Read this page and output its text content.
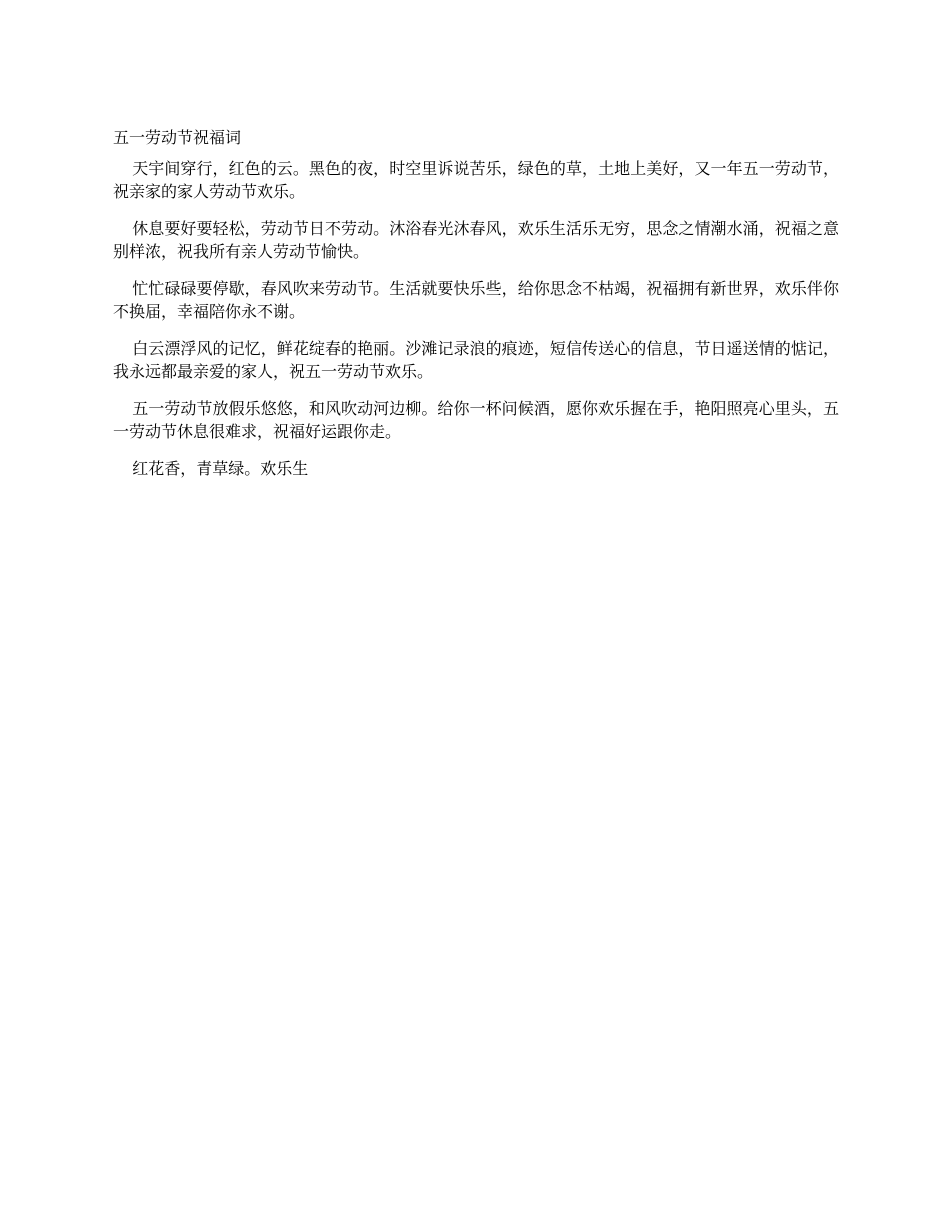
五一劳动节祝福词

天宇间穿行，红色的云。黑色的夜，时空里诉说苦乐，绿色的草，土地上美好，又一年五一劳动节，祝亲家的家人劳动节欢乐。

休息要好要轻松，劳动节日不劳动。沐浴春光沐春风，欢乐生活乐无穷，思念之情潮水涌，祝福之意别样浓，祝我所有亲人劳动节愉快。

忙忙碌碌要停歇，春风吹来劳动节。生活就要快乐些，给你思念不枯竭，祝福拥有新世界，欢乐伴你不换届，幸福陪你永不谢。

白云漂浮风的记忆，鲜花绽春的艳丽。沙滩记录浪的痕迹，短信传送心的信息，节日遥送情的惦记，我永远都最亲爱的家人，祝五一劳动节欢乐。

五一劳动节放假乐悠悠，和风吹动河边柳。给你一杯问候酒，愿你欢乐握在手，艳阳照亮心里头，五一劳动节休息很难求，祝福好运跟你走。

红花香，青草绿。欢乐生
